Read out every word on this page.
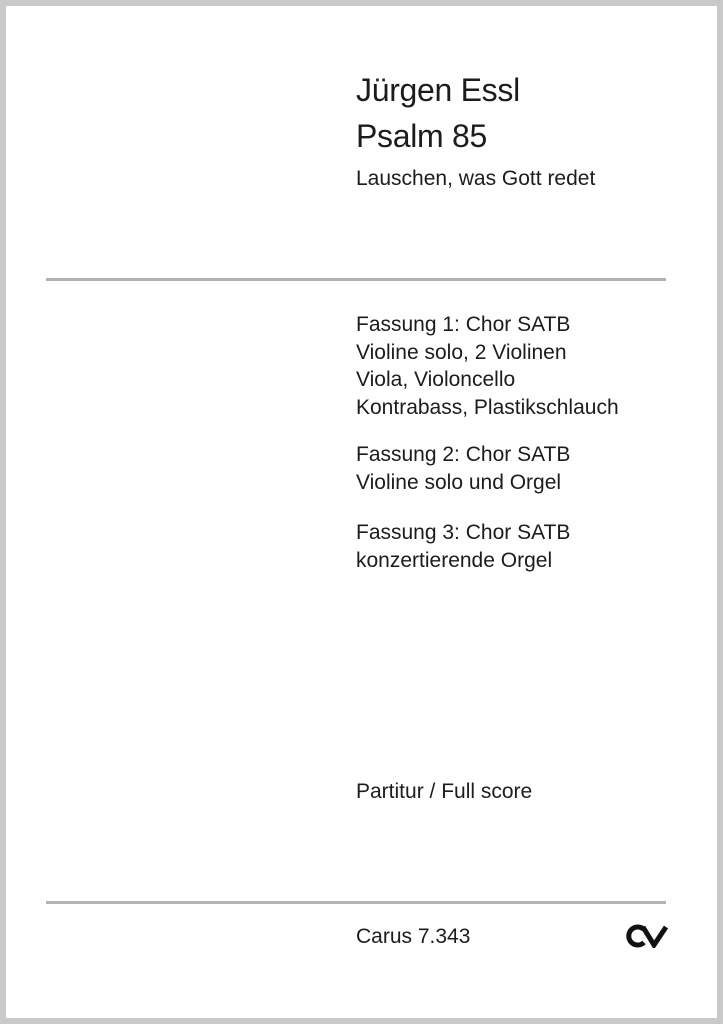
Jürgen Essl
Psalm 85
Lauschen, was Gott redet
Fassung 1: Chor SATB
Violine solo, 2 Violinen
Viola, Violoncello
Kontrabass, Plastikschlauch
Fassung 2: Chor SATB
Violine solo und Orgel
Fassung 3: Chor SATB
konzertierende Orgel
Partitur / Full score
Carus 7.343
